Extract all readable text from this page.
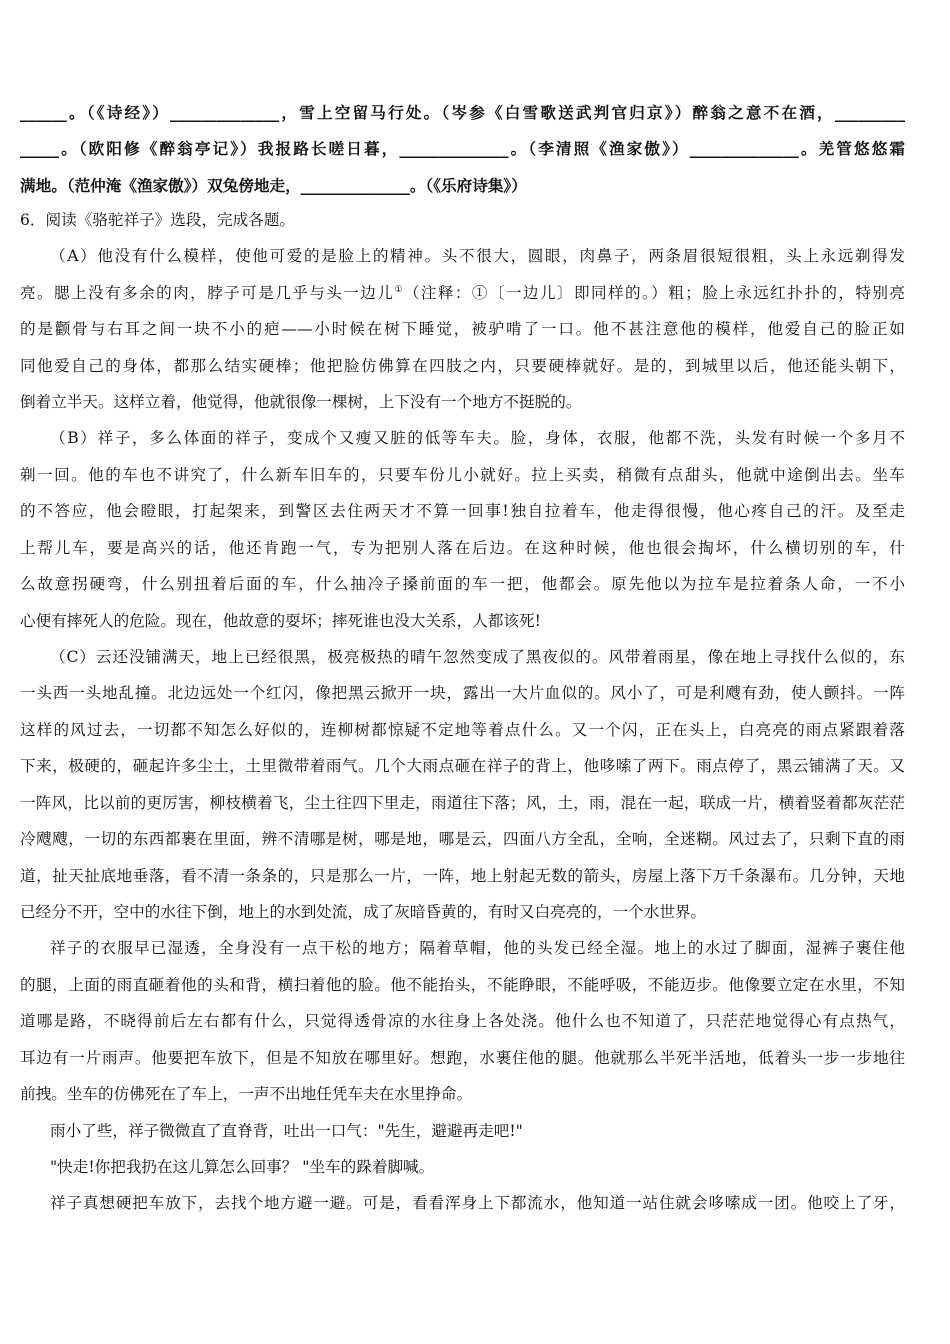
______。（《诗经》）______________，雪上空留马行处。（岑参《白雪歌送武判官归京》）醉翁之意不在酒，_________
_____。（欧阳修《醉翁亭记》）我报路长嗟日暮，______________。（李清照《渔家傲》）______________。羌管悠悠霜
满地。（范仲淹《渔家傲》）双兔傍地走，______________。（《乐府诗集》）
6．阅读《骆驼祥子》选段，完成各题。
（A）他没有什么模样，使他可爱的是脸上的精神。头不很大，圆眼，肉鼻子，两条眉很短很粗，头上永远剃得发
亮。腮上没有多余的肉，脖子可是几乎与头一边儿①（注释：①〔一边儿〕即同样的。）粗；脸上永远红扑扑的，特别亮
的是颧骨与右耳之间一块不小的疤——小时候在树下睡觉，被驴啃了一口。他不甚注意他的模样，他爱自己的脸正如
同他爱自己的身体，都那么结实硬棒；他把脸仿佛算在四肢之内，只要硬棒就好。是的，到城里以后，他还能头朝下，
倒着立半天。这样立着，他觉得，他就很像一棵树，上下没有一个地方不挺脱的。
（B）祥子，多么体面的祥子，变成个又瘦又脏的低等车夫。脸，身体，衣服，他都不洗，头发有时候一个多月不
剃一回。他的车也不讲究了，什么新车旧车的，只要车份儿小就好。拉上买卖，稍微有点甜头，他就中途倒出去。坐车
的不答应，他会瞪眼，打起架来，到警区去住两天才不算一回事!独自拉着车，他走得很慢，他心疼自己的汗。及至走
上帮儿车，要是高兴的话，他还肯跑一气，专为把别人落在后边。在这种时候，他也很会掏坏，什么横切别的车，什
么故意拐硬弯，什么别扭着后面的车，什么抽冷子搡前面的车一把，他都会。原先他以为拉车是拉着条人命，一不小
心便有摔死人的危险。现在，他故意的耍坏；摔死谁也没大关系，人都该死!
（C）云还没铺满天，地上已经很黑，极亮极热的晴午忽然变成了黑夜似的。风带着雨星，像在地上寻找什么似的，东
一头西一头地乱撞。北边远处一个红闪，像把黑云掀开一块，露出一大片血似的。风小了，可是利飕有劲，使人颤抖。一阵
这样的风过去，一切都不知怎么好似的，连柳树都惊疑不定地等着点什么。又一个闪，正在头上，白亮亮的雨点紧跟着落
下来，极硬的，砸起许多尘土，土里微带着雨气。几个大雨点砸在祥子的背上，他哆嗦了两下。雨点停了，黑云铺满了天。又
一阵风，比以前的更厉害，柳枝横着飞，尘土往四下里走，雨道往下落；风，土，雨，混在一起，联成一片，横着竖着都灰茫茫
冷飕飕，一切的东西都裹在里面，辨不清哪是树，哪是地，哪是云，四面八方全乱，全响，全迷糊。风过去了，只剩下直的雨
道，扯天扯底地垂落，看不清一条条的，只是那么一片，一阵，地上射起无数的箭头，房屋上落下万千条瀑布。几分钟，天地
已经分不开，空中的水往下倒，地上的水到处流，成了灰暗昏黄的，有时又白亮亮的，一个水世界。
祥子的衣服早已湿透，全身没有一点干松的地方；隔着草帽，他的头发已经全湿。地上的水过了脚面，湿裤子裹住他
的腿，上面的雨直砸着他的头和背，横扫着他的脸。他不能抬头，不能睁眼，不能呼吸，不能迈步。他像要立定在水里，不知
道哪是路，不晓得前后左右都有什么，只觉得透骨凉的水往身上各处浇。他什么也不知道了，只茫茫地觉得心有点热气，
耳边有一片雨声。他要把车放下，但是不知放在哪里好。想跑，水裹住他的腿。他就那么半死半活地，低着头一步一步地往
前拽。坐车的仿佛死在了车上，一声不出地任凭车夫在水里挣命。
雨小了些，祥子微微直了直脊背，吐出一口气："先生，避避再走吧!"
"快走!你把我扔在这儿算怎么回事？ "坐车的跺着脚喊。
祥子真想硬把车放下，去找个地方避一避。可是，看看浑身上下都流水，他知道一站住就会哆嗦成一团。他咬上了牙，
